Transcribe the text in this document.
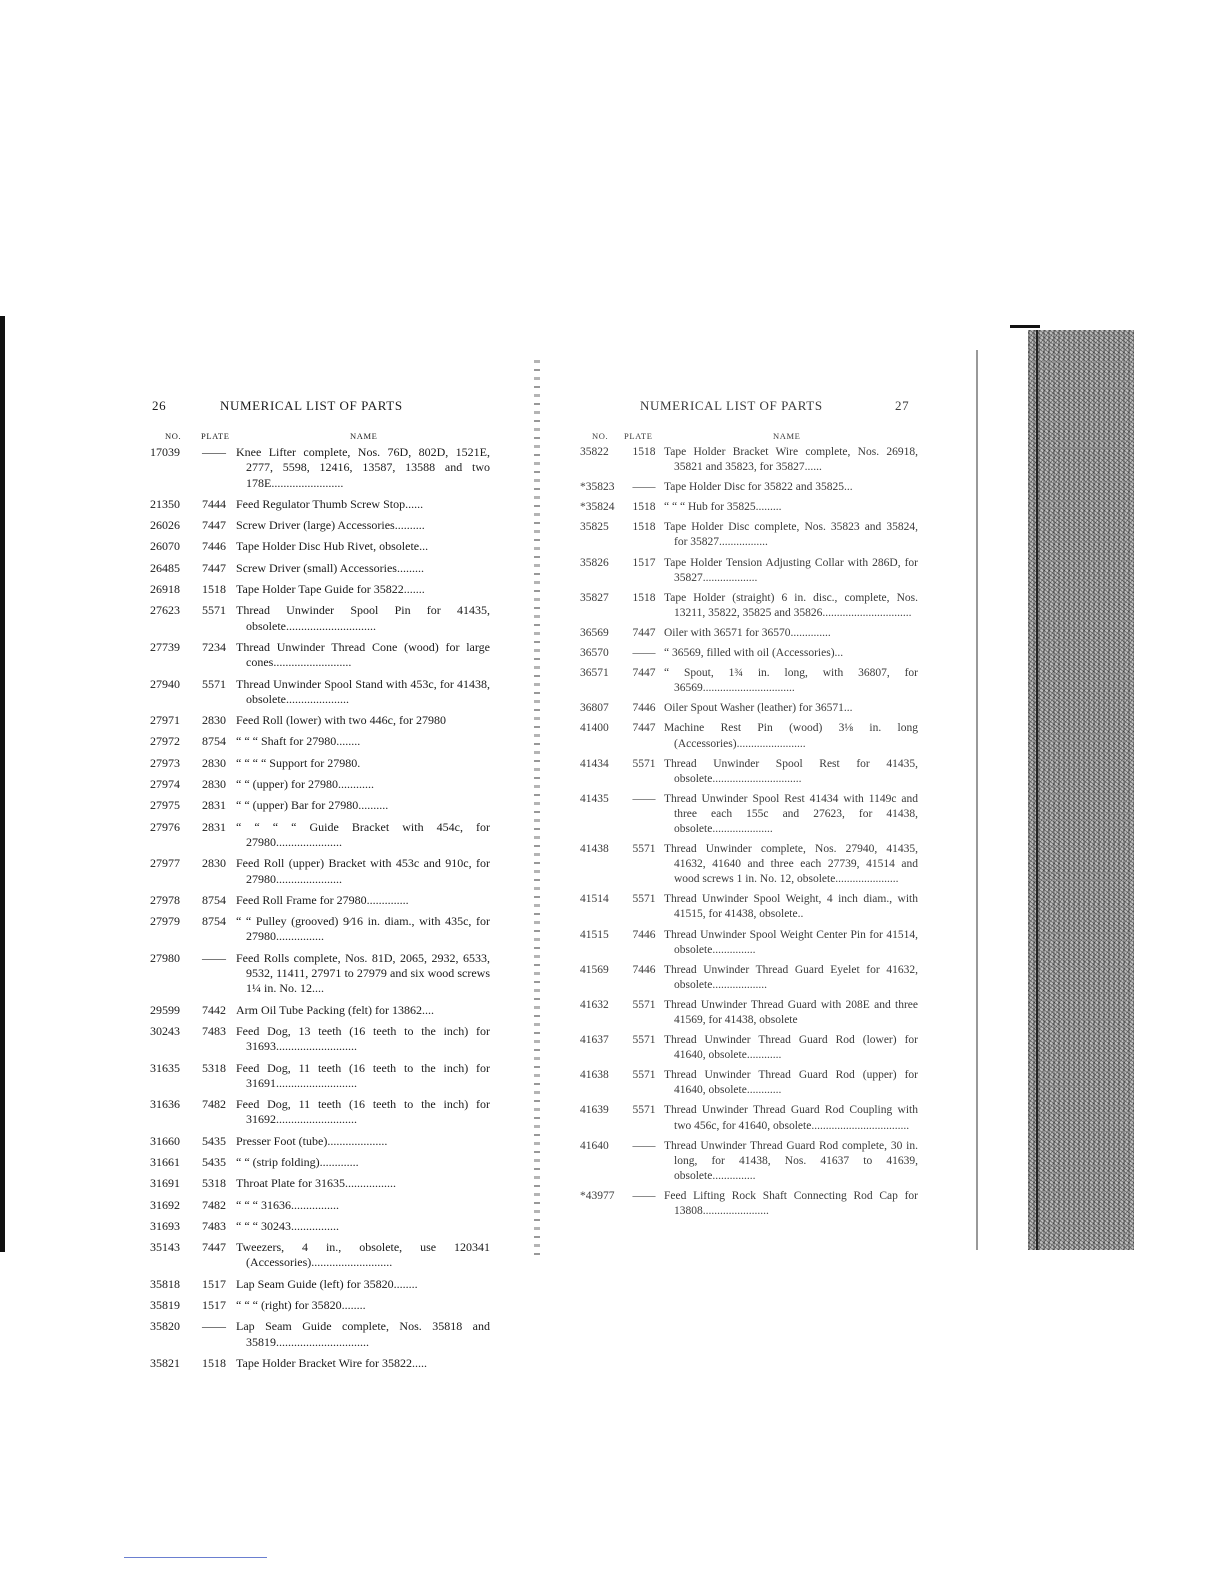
26	NUMERICAL LIST OF PARTS
NO. PLATE	NAME
17039	—— Knee Lifter complete, Nos. 76D, 802D, 1521E, 2777, 5598, 12416, 13587, 13588 and two 178E........................
21350	7444 Feed Regulator Thumb Screw Stop......
26026	7447 Screw Driver (large) Accessories..........
26070	7446 Tape Holder Disc Hub Rivet, obsolete...
26485	7447 Screw Driver (small) Accessories.........
26918	1518 Tape Holder Tape Guide for 35822.......
27623	5571 Thread Unwinder Spool Pin for 41435, obsolete..............................
27739	7234 Thread Unwinder Thread Cone (wood) for large cones..........................
27940	5571 Thread Unwinder Spool Stand with 453c, for 41438, obsolete.....................
27971	2830 Feed Roll (lower) with two 446c, for 27980
27972	8754 “ “ “ Shaft for 27980........
27973	2830 “ “ “ “ Support for 27980.
27974	2830 “ “ (upper) for 27980............
27975	2831 “ “ (upper) Bar for 27980..........
27976	2831 “ “ “ “ Guide Bracket with 454c, for 27980......................
27977	2830 Feed Roll (upper) Bracket with 453c and 910c, for 27980......................
27978	8754 Feed Roll Frame for 27980..............
27979	8754 “ “ Pulley (grooved) 9⁄16 in. diam., with 435c, for 27980................
27980	—— Feed Rolls complete, Nos. 81D, 2065, 2932, 6533, 9532, 11411, 27971 to 27979 and six wood screws 1¼ in. No. 12....
29599	7442 Arm Oil Tube Packing (felt) for 13862....
30243	7483 Feed Dog, 13 teeth (16 teeth to the inch) for 31693...........................
31635	5318 Feed Dog, 11 teeth (16 teeth to the inch) for 31691...........................
31636	7482 Feed Dog, 11 teeth (16 teeth to the inch) for 31692...........................
31660	5435 Presser Foot (tube)....................
31661	5435 “ “ (strip folding).............
31691	5318 Throat Plate for 31635.................
31692	7482 “ “ “ 31636................
31693	7483 “ “ “ 30243................
35143	7447 Tweezers, 4 in., obsolete, use 120341 (Accessories)...........................
35818	1517 Lap Seam Guide (left) for 35820........
35819	1517 “ “ “ (right) for 35820........
35820	—— Lap Seam Guide complete, Nos. 35818 and 35819...............................
35821	1518 Tape Holder Bracket Wire for 35822.....
NUMERICAL LIST OF PARTS	27
NO. PLATE	NAME
35822	1518 Tape Holder Bracket Wire complete, Nos. 26918, 35821 and 35823, for 35827......
*35823	—— Tape Holder Disc for 35822 and 35825...
*35824	1518 “ “ “ Hub for 35825.........
35825	1518 Tape Holder Disc complete, Nos. 35823 and 35824, for 35827.................
35826	1517 Tape Holder Tension Adjusting Collar with 286D, for 35827...................
35827	1518 Tape Holder (straight) 6 in. disc., complete, Nos. 13211, 35822, 35825 and 35826...............................
36569	7447 Oiler with 36571 for 36570..............
36570	—— “ 36569, filled with oil (Accessories)...
36571	7447 “ Spout, 1¾ in. long, with 36807, for 36569................................
36807	7446 Oiler Spout Washer (leather) for 36571...
41400	7447 Machine Rest Pin (wood) 3⅛ in. long (Accessories)........................
41434	5571 Thread Unwinder Spool Rest for 41435, obsolete...............................
41435	—— Thread Unwinder Spool Rest 41434 with 1149c and three each 155c and 27623, for 41438, obsolete.....................
41438	5571 Thread Unwinder complete, Nos. 27940, 41435, 41632, 41640 and three each 27739, 41514 and wood screws 1 in. No. 12, obsolete......................
41514	5571 Thread Unwinder Spool Weight, 4 inch diam., with 41515, for 41438, obsolete..
41515	7446 Thread Unwinder Spool Weight Center Pin for 41514, obsolete...............
41569	7446 Thread Unwinder Thread Guard Eyelet for 41632, obsolete...................
41632	5571 Thread Unwinder Thread Guard with 208E and three 41569, for 41438, obsolete
41637	5571 Thread Unwinder Thread Guard Rod (lower) for 41640, obsolete............
41638	5571 Thread Unwinder Thread Guard Rod (upper) for 41640, obsolete............
41639	5571 Thread Unwinder Thread Guard Rod Coupling with two 456c, for 41640, obsolete..................................
41640	—— Thread Unwinder Thread Guard Rod complete, 30 in. long, for 41438, Nos. 41637 to 41639, obsolete...............
*43977	—— Feed Lifting Rock Shaft Connecting Rod Cap for 13808.......................
